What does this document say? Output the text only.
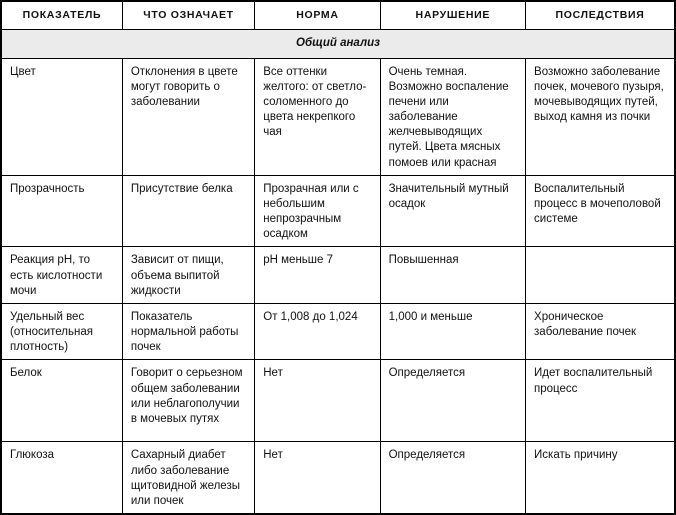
ПОКАЗАТЕЛЬ	ЧТО ОЗНАЧАЕТ	НОРМА	НАРУШЕНИЕ	ПОСЛЕДСТВИЯ
Общий анализ				
Цвет	Отклонения в цвете могут говорить о заболевании	Все оттенки желтого: от светло-соломенного до цвета некрепкого чая	Очень темная. Возможно воспаление печени или заболевание желчевыводящих путей. Цвета мясных помоев или красная	Возможно заболевание почек, мочевого пузыря, мочевыводящих путей, выход камня из почки
Прозрачность	Присутствие белка	Прозрачная или с небольшим непрозрачным осадком	Значительный мутный осадок	Воспалительный процесс в мочеполовой системе
Реакция рН, то есть кислотности мочи	Зависит от пищи, объема выпитой жидкости	рН меньше 7	Повышенная	
Удельный вес (относительная плотность)	Показатель нормальной работы почек	От 1,008 до 1,024	1,000 и меньше	Хроническое заболевание почек
Белок	Говорит о серьезном общем заболевании или неблагополучии в мочевых путях	Нет	Определяется	Идет воспалительный процесс
Глюкоза	Сахарный диабет либо заболевание щитовидной железы или почек	Нет	Определяется	Искать причину
